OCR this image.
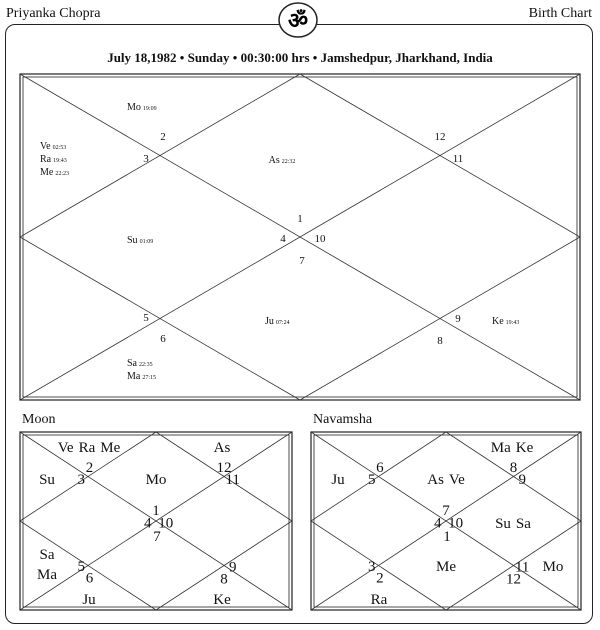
Priyanka Chopra	Birth Chart
ॐ
July 18,1982 • Sunday • 00:30:00 hrs • Jamshedpur, Jharkhand, India
1
As 22:32
2
Mo 19:09
3
Ve 02:53
Ra 19:43
Me 22:23
4
Su 01:09
5
6
Sa 22:35
Ma 27:15
7
Ju 07:24
8
9	Ke 19:43
10
11
12
Moon	Navamsha
1
Mo
2
As
3
Ve Ra Me
4
Su
5
6
Sa Ma
7
Ju
8
9
Ke
10
11
12
7
As Ve
6
Ma Ke
5
4	Su Sa
3
2
Mo
1
Me
12
Ra
11
10
9
Ju
8
